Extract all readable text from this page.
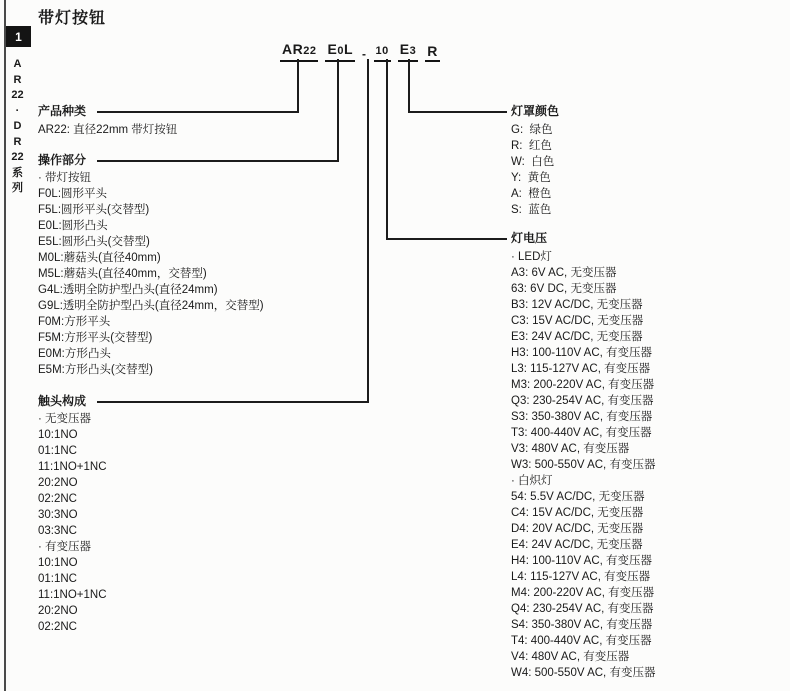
1
A
R
22
·
D
R
22
系
列
带灯按钮
AR22 E0L - 10 E3 R
产品种类
AR22: 直径22mm 带灯按钮
操作部分
· 带灯按钮
F0L:圆形平头
F5L:圆形平头(交替型)
E0L:圆形凸头
E5L:圆形凸头(交替型)
M0L:蘑菇头(直径40mm)
M5L:蘑菇头(直径40mm，交替型)
G4L:透明全防护型凸头(直径24mm)
G9L:透明全防护型凸头(直径24mm，交替型)
F0M:方形平头
F5M:方形平头(交替型)
E0M:方形凸头
E5M:方形凸头(交替型)
触头构成
· 无变压器
10:1NO
01:1NC
11:1NO+1NC
20:2NO
02:2NC
30:3NO
03:3NC
· 有变压器
10:1NO
01:1NC
11:1NO+1NC
20:2NO
02:2NC
灯罩颜色
G:  绿色
R:  红色
W:  白色
Y:  黄色
A:  橙色
S:  蓝色
灯电压
· LED灯
A3: 6V AC, 无变压器
63: 6V DC, 无变压器
B3: 12V AC/DC, 无变压器
C3: 15V AC/DC, 无变压器
E3: 24V AC/DC, 无变压器
H3: 100-110V AC, 有变压器
L3: 115-127V AC, 有变压器
M3: 200-220V AC, 有变压器
Q3: 230-254V AC, 有变压器
S3: 350-380V AC, 有变压器
T3: 400-440V AC, 有变压器
V3: 480V AC, 有变压器
W3: 500-550V AC, 有变压器
· 白炽灯
54: 5.5V AC/DC, 无变压器
C4: 15V AC/DC, 无变压器
D4: 20V AC/DC, 无变压器
E4: 24V AC/DC, 无变压器
H4: 100-110V AC, 有变压器
L4: 115-127V AC, 有变压器
M4: 200-220V AC, 有变压器
Q4: 230-254V AC, 有变压器
S4: 350-380V AC, 有变压器
T4: 400-440V AC, 有变压器
V4: 480V AC, 有变压器
W4: 500-550V AC, 有变压器
